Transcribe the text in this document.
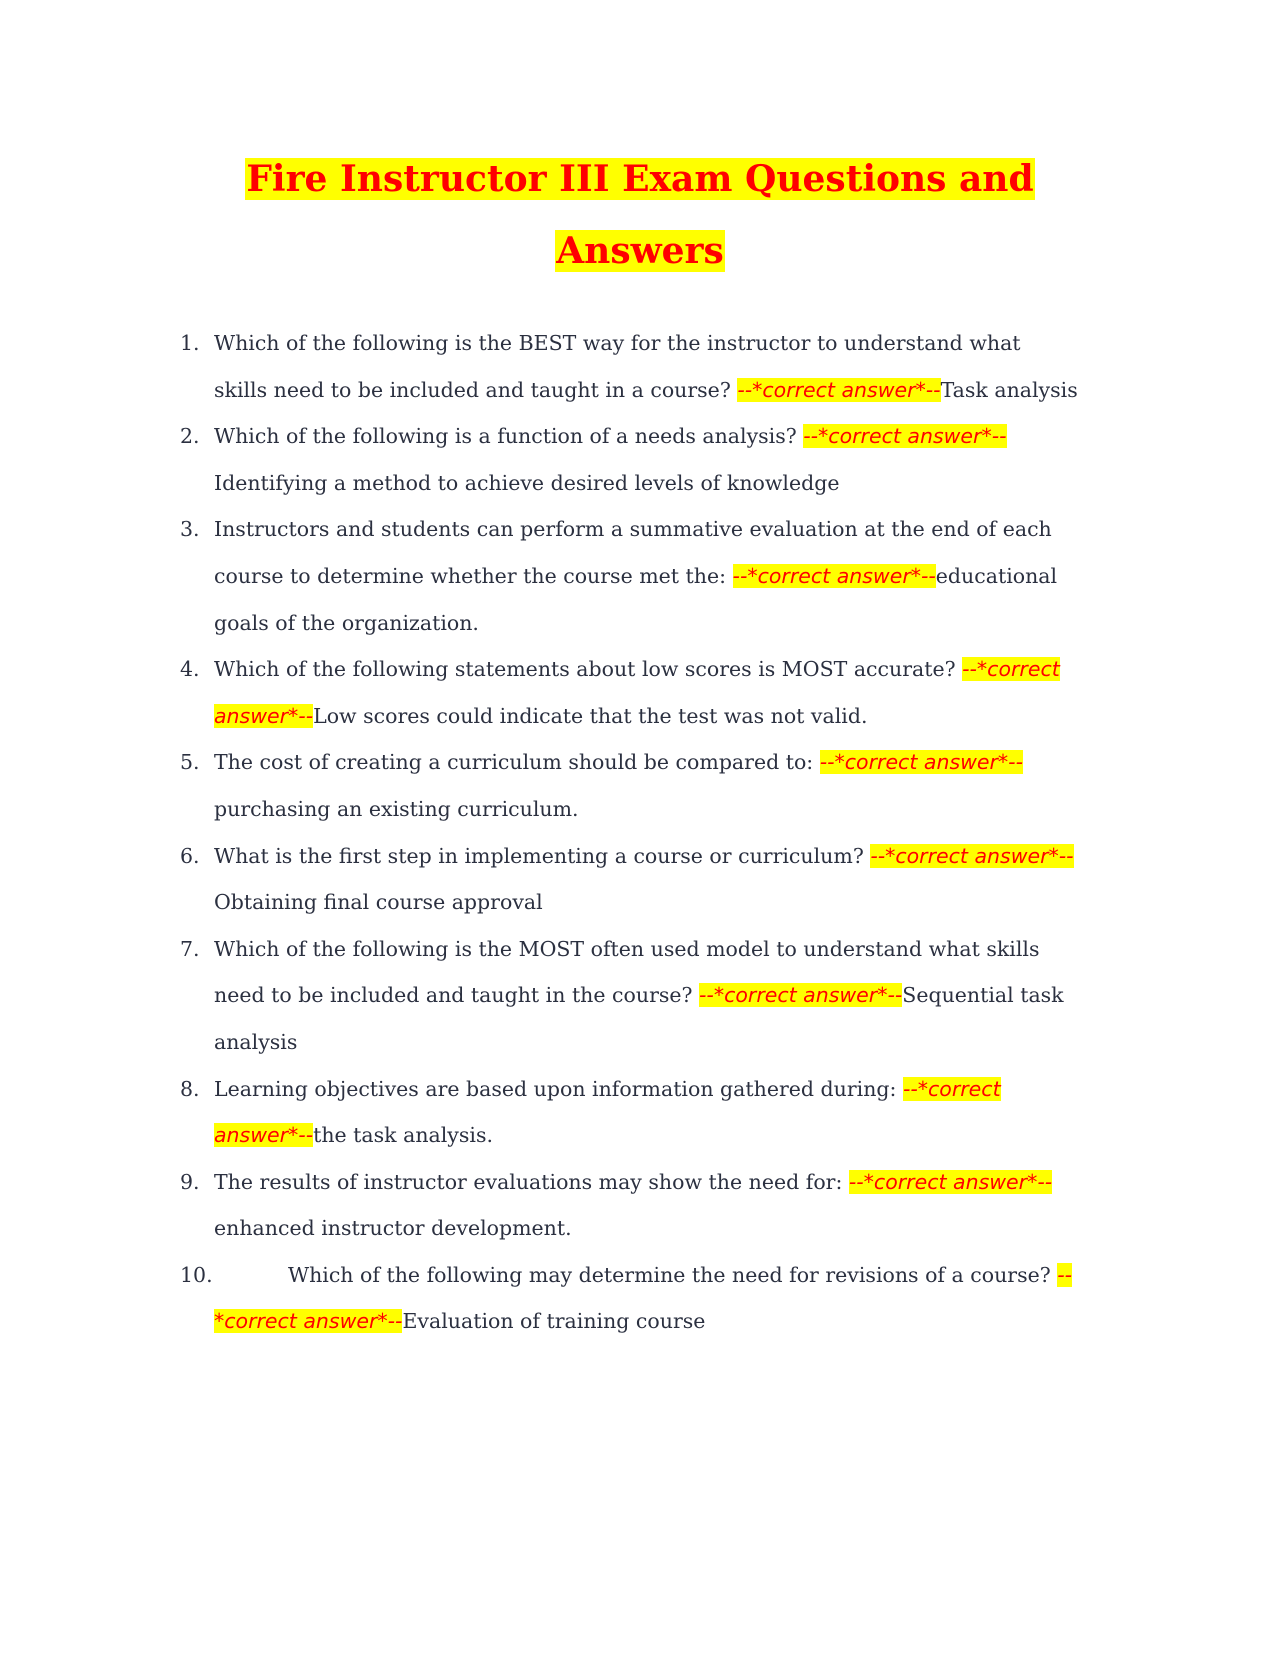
Fire Instructor III Exam Questions and
Answers
1. Which of the following is the BEST way for the instructor to understand what skills need to be included and taught in a course? --*correct answer*--Task analysis
2. Which of the following is a function of a needs analysis? --*correct answer*--Identifying a method to achieve desired levels of knowledge
3. Instructors and students can perform a summative evaluation at the end of each course to determine whether the course met the: --*correct answer*--educational goals of the organization.
4. Which of the following statements about low scores is MOST accurate? --*correct answer*--Low scores could indicate that the test was not valid.
5. The cost of creating a curriculum should be compared to: --*correct answer*--purchasing an existing curriculum.
6. What is the first step in implementing a course or curriculum? --*correct answer*--Obtaining final course approval
7. Which of the following is the MOST often used model to understand what skills need to be included and taught in the course? --*correct answer*--Sequential task analysis
8. Learning objectives are based upon information gathered during: --*correct answer*--the task analysis.
9. The results of instructor evaluations may show the need for: --*correct answer*--enhanced instructor development.
10.	Which of the following may determine the need for revisions of a course? --*correct answer*--Evaluation of training course
